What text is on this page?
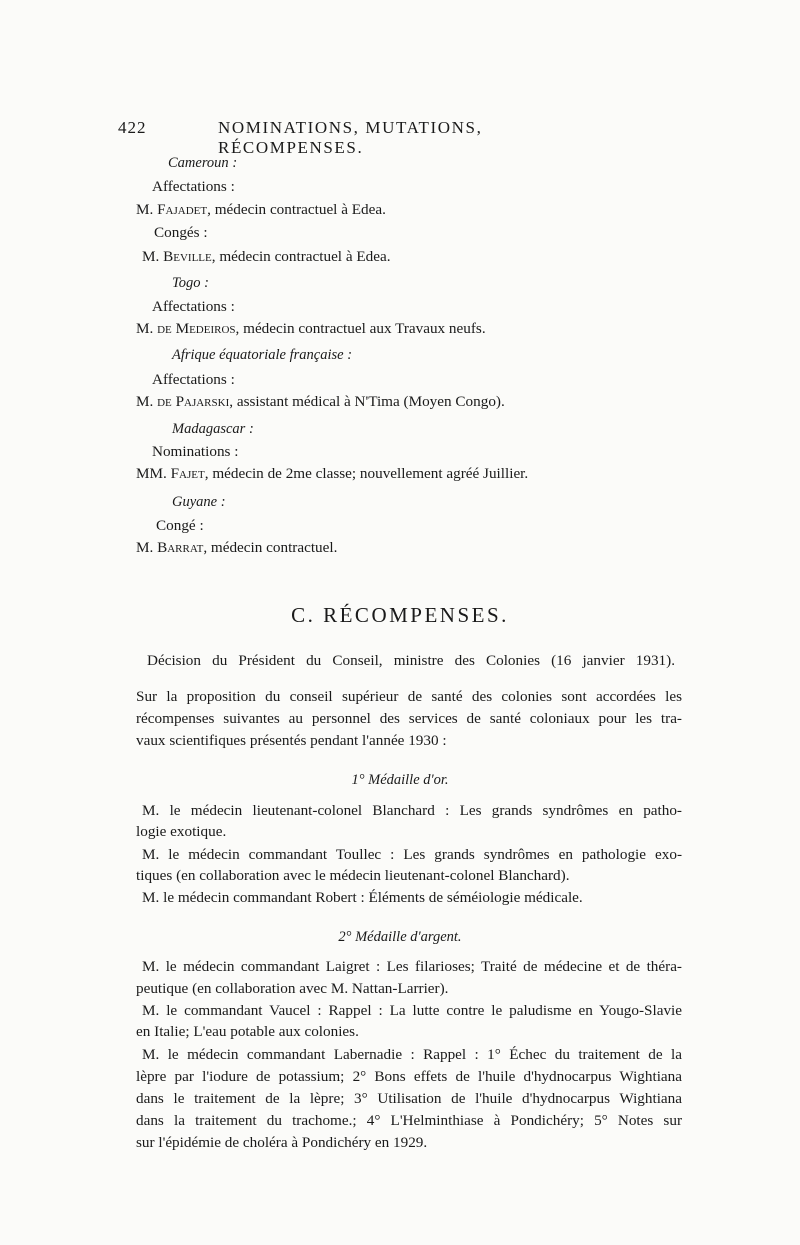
422	NOMINATIONS, MUTATIONS, RÉCOMPENSES.
Cameroun :
Affectations :
M. Fajadet, médecin contractuel à Edea.
Congés :
M. Beville, médecin contractuel à Edea.
Togo :
Affectations :
M. de Medeiros, médecin contractuel aux Travaux neufs.
Afrique équatoriale française :
Affectations :
M. de Pajarski, assistant médical à N'Tima (Moyen Congo).
Madagascar :
Nominations :
MM. Fajet, médecin de 2me classe; nouvellement agréé Juillier.
Guyane :
Congé :
M. Barrat, médecin contractuel.
C. RÉCOMPENSES.
Décision du Président du Conseil, ministre des Colonies (16 janvier 1931).
Sur la proposition du conseil supérieur de santé des colonies sont accordées les
récompenses suivantes au personnel des services de santé coloniaux pour les tra-
vaux scientifiques présentés pendant l'année 1930 :
1° Médaille d'or.
M. le médecin lieutenant-colonel Blanchard : Les grands syndrômes en patho-
logie exotique.
M. le médecin commandant Toullec : Les grands syndrômes en pathologie exo-
tiques (en collaboration avec le médecin lieutenant-colonel Blanchard).
M. le médecin commandant Robert : Éléments de séméiologie médicale.
2° Médaille d'argent.
M. le médecin commandant Laigret : Les filarioses; Traité de médecine et de théra-
peutique (en collaboration avec M. Nattan-Larrier).
M. le commandant Vaucel : Rappel : La lutte contre le paludisme en Yougo-Slavie
en Italie; L'eau potable aux colonies.
M. le médecin commandant Labernadie : Rappel : 1° Échec du traitement de la
lèpre par l'iodure de potassium; 2° Bons effets de l'huile d'hydnocarpus Wightiana
dans le traitement de la lèpre; 3° Utilisation de l'huile d'hydnocarpus Wightiana
dans la traitement du trachome.; 4° L'Helminthiase à Pondichéry; 5° Notes sur
sur l'épidémie de choléra à Pondichéry en 1929.
